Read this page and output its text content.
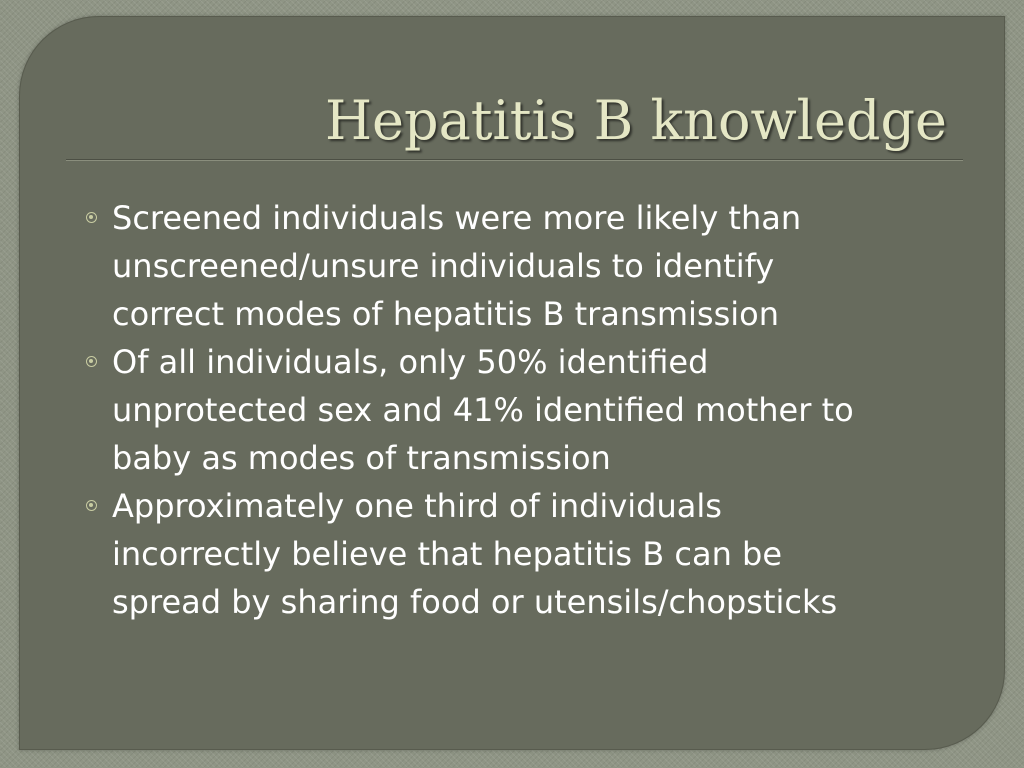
Hepatitis B knowledge
Screened individuals were more likely than
unscreened/unsure individuals to identify
correct modes of hepatitis B transmission
Of all individuals, only 50% identified
unprotected sex and 41% identified mother to
baby as modes of transmission
Approximately one third of individuals
incorrectly believe that hepatitis B can be
spread by sharing food or utensils/chopsticks
